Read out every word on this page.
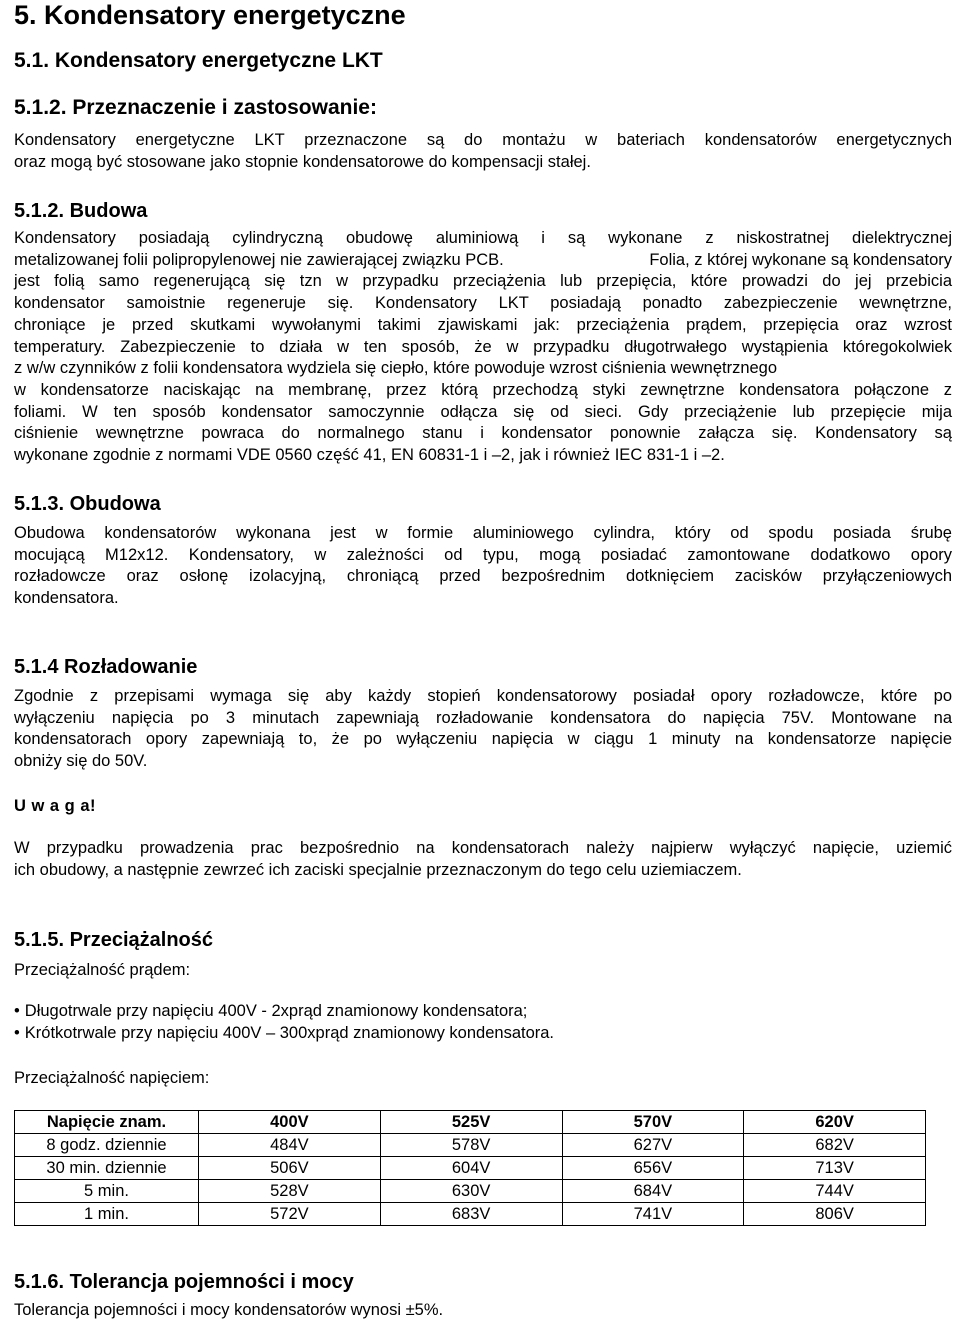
5. Kondensatory energetyczne
5.1. Kondensatory energetyczne LKT
5.1.2. Przeznaczenie i zastosowanie:
Kondensatory energetyczne LKT przeznaczone są do montażu w bateriach kondensatorów energetycznych
oraz mogą być stosowane jako stopnie kondensatorowe do kompensacji stałej.
5.1.2. Budowa
Kondensatory posiadają cylindryczną obudowę aluminiową i są wykonane z niskostratnej dielektrycznej
metalizowanej folii polipropylenowej nie zawierającej związku PCB.	Folia, z której wykonane są kondensatory
jest folią samo regenerującą się tzn w przypadku przeciążenia lub przepięcia, które prowadzi do jej przebicia
kondensator samoistnie regeneruje się. Kondensatory LKT posiadają ponadto zabezpieczenie wewnętrzne,
chroniące je przed skutkami wywołanymi takimi zjawiskami jak: przeciążenia prądem, przepięcia oraz wzrost
temperatury. Zabezpieczenie to działa w ten sposób, że w przypadku długotrwałego wystąpienia któregokolwiek
z w/w czynników z folii kondensatora wydziela się ciepło, które powoduje wzrost ciśnienia wewnętrznego
w kondensatorze naciskając na membranę, przez którą przechodzą styki zewnętrzne kondensatora połączone z
foliami. W ten sposób kondensator samoczynnie odłącza się od sieci. Gdy przeciążenie lub przepięcie mija
ciśnienie wewnętrzne powraca do normalnego stanu i kondensator ponownie załącza się. Kondensatory są
wykonane zgodnie z normami VDE 0560 część 41, EN 60831-1 i –2, jak i również IEC 831-1 i –2.
5.1.3. Obudowa
Obudowa kondensatorów wykonana jest w formie aluminiowego cylindra, który od spodu posiada śrubę
mocującą M12x12. Kondensatory, w zależności od typu, mogą posiadać zamontowane dodatkowo opory
rozładowcze oraz osłonę izolacyjną, chroniącą przed bezpośrednim dotknięciem zacisków przyłączeniowych
kondensatora.
5.1.4 Rozładowanie
Zgodnie z przepisami wymaga się aby każdy stopień kondensatorowy posiadał opory rozładowcze, które po
wyłączeniu napięcia po 3 minutach zapewniają rozładowanie kondensatora do napięcia 75V. Montowane na
kondensatorach opory zapewniają to, że po wyłączeniu napięcia w ciągu 1 minuty na kondensatorze napięcie
obniży się do 50V.
U w a g a!
W przypadku prowadzenia prac bezpośrednio na kondensatorach należy najpierw wyłączyć napięcie, uziemić
ich obudowy, a następnie zewrzeć ich zaciski specjalnie przeznaczonym do tego celu uziemiaczem.
5.1.5. Przeciążalność
Przeciążalność prądem:
• Długotrwale przy napięciu 400V - 2xprąd znamionowy kondensatora;
• Krótkotrwale przy napięciu 400V – 300xprąd znamionowy kondensatora.
Przeciążalność napięciem:
Napięcie znam.	400V	525V	570V	620V
8 godz. dziennie	484V	578V	627V	682V
30 min. dziennie	506V	604V	656V	713V
5 min.	528V	630V	684V	744V
1 min.	572V	683V	741V	806V
5.1.6. Tolerancja pojemności i mocy
Tolerancja pojemności i mocy kondensatorów wynosi ±5%.
